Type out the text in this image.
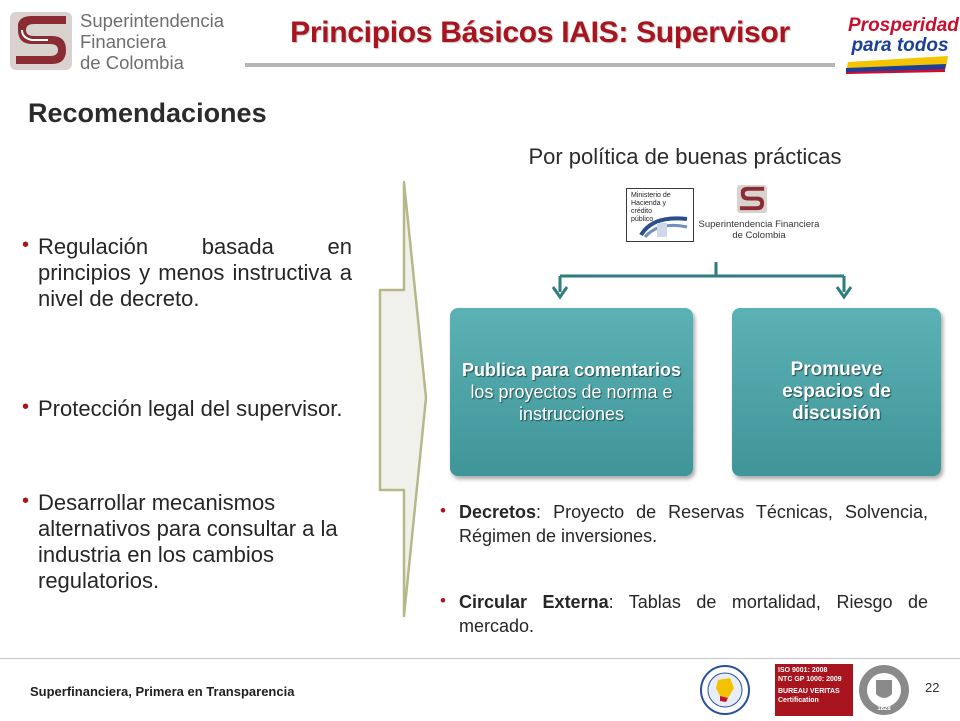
Superintendencia
Financiera
de Colombia
Principios Básicos IAIS: Supervisor	Prosperidad
para todos
Recomendaciones
• Regulación basada en principios y menos instructiva a nivel de decreto.
• Protección legal del supervisor.
• Desarrollar mecanismos alternativos para consultar a la industria en los cambios regulatorios.
Por política de buenas prácticas
Ministerio de Hacienda y crédito público	Superintendencia Financiera
de Colombia
Publica para comentarios los proyectos de norma e instrucciones
Promueve espacios de discusión
• Decretos: Proyecto de Reservas Técnicas, Solvencia, Régimen de inversiones.
• Circular Externa: Tablas de mortalidad, Riesgo de mercado.
Superfinanciera, Primera en Transparencia
ISO 9001: 2008
NTC GP 1000: 2009
BUREAU VERITAS
Certification
1828
22
